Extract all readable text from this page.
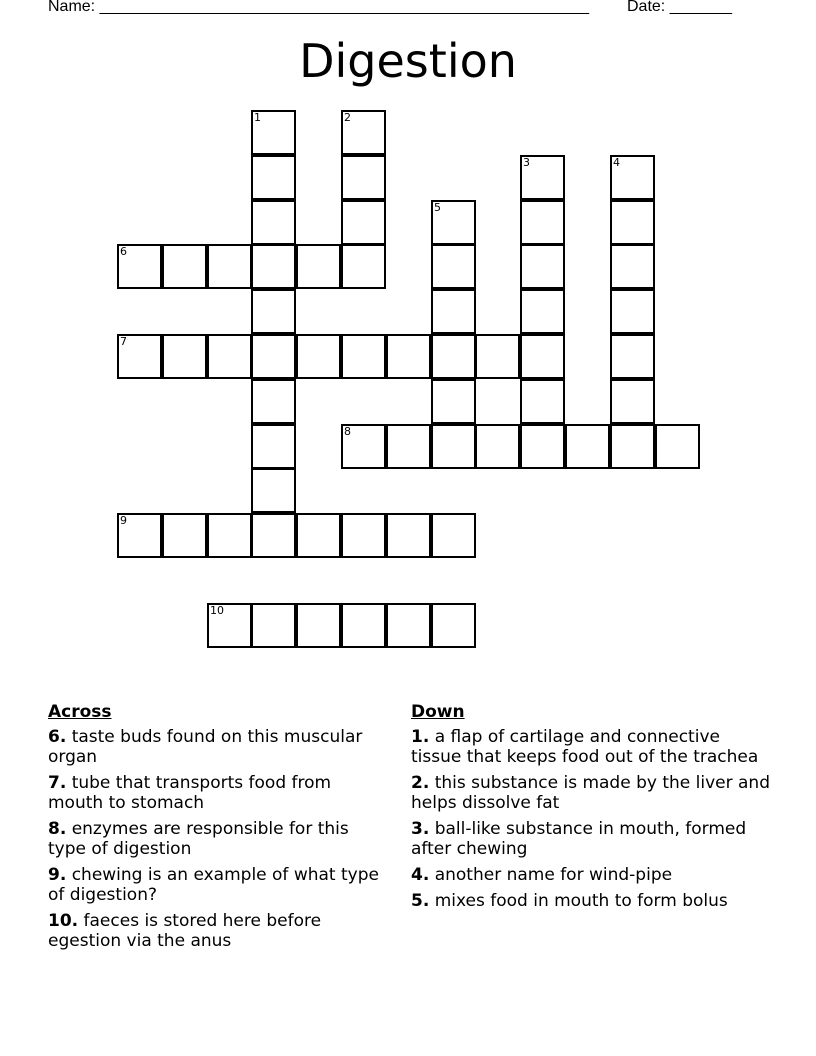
Name: _______________________________________________________ Date: _______
Digestion
1	2
3	4
5
6
7
8
9
10
Across
6. taste buds found on this muscular organ
7. tube that transports food from mouth to stomach
8. enzymes are responsible for this type of digestion
9. chewing is an example of what type of digestion?
10. faeces is stored here before egestion via the anus
Down
1. a flap of cartilage and connective tissue that keeps food out of the trachea
2. this substance is made by the liver and helps dissolve fat
3. ball-like substance in mouth, formed after chewing
4. another name for wind-pipe
5. mixes food in mouth to form bolus
